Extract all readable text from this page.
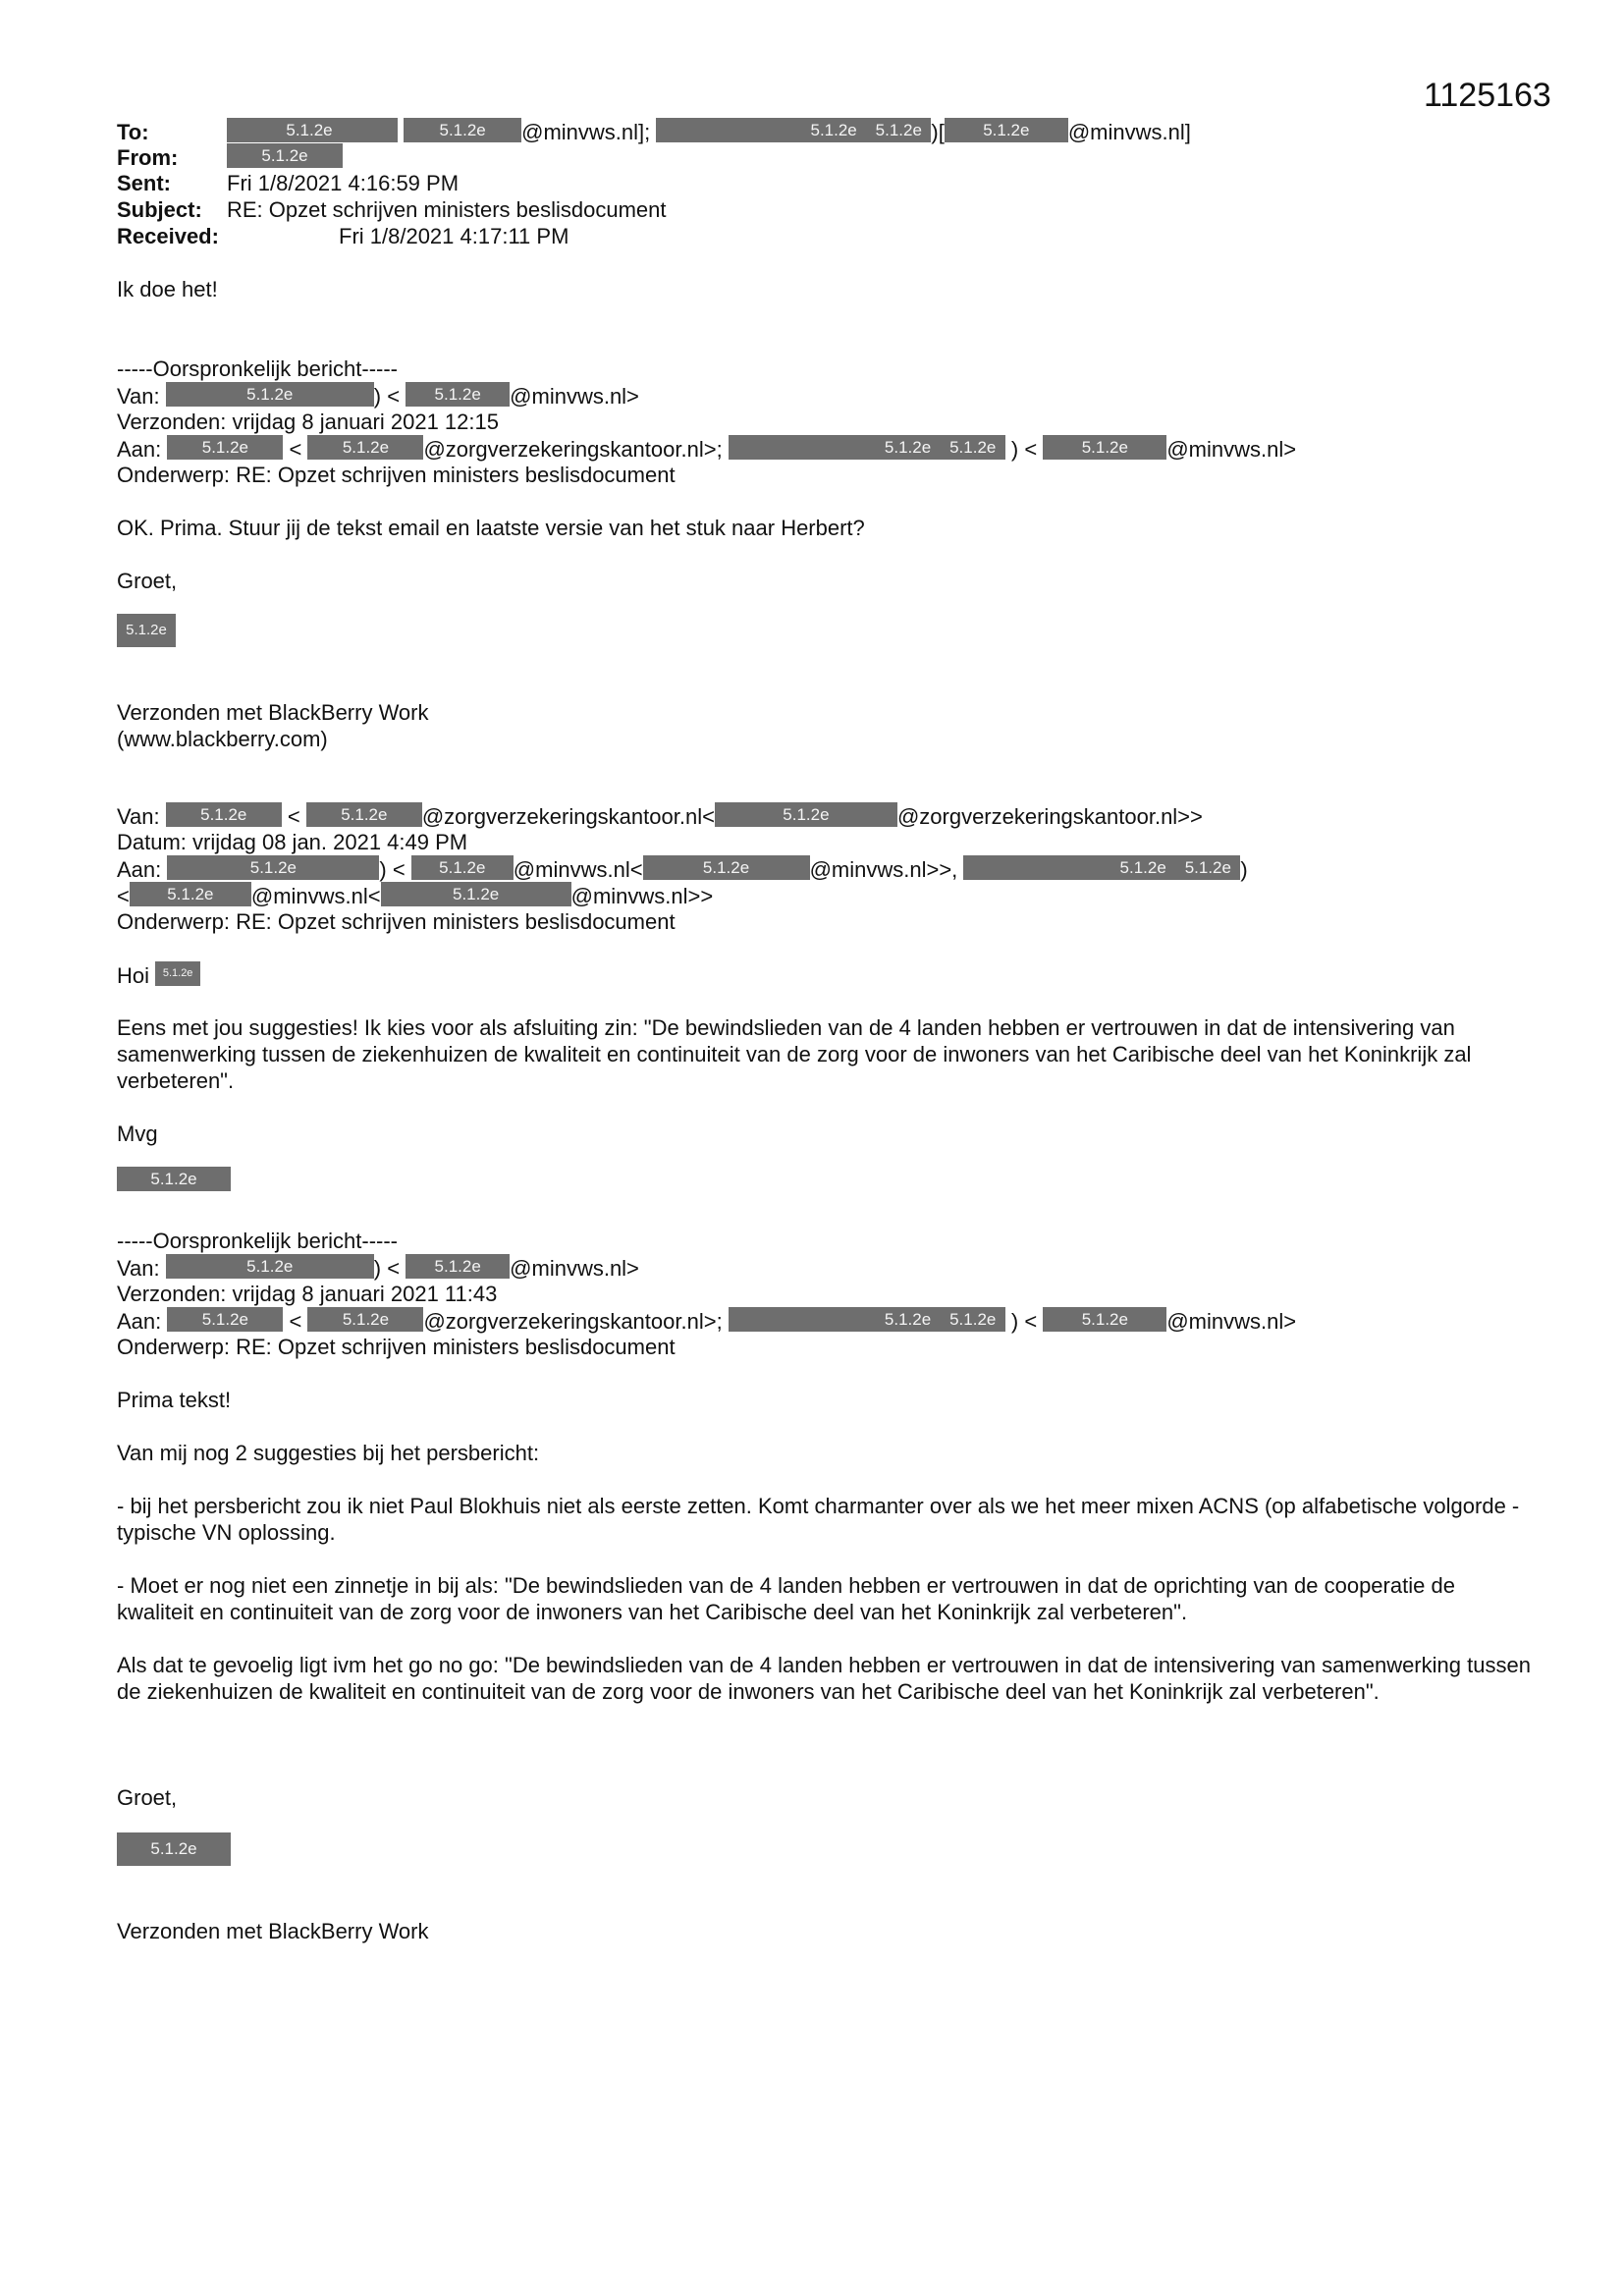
1125163
To:	5.1.2e	5.1.2e @minvws.nl];	5.1.2e 5.1.2e )[ 5.1.2e @minvws.nl]
From:	5.1.2e
Sent:	Fri 1/8/2021 4:16:59 PM
Subject: RE: Opzet schrijven ministers beslisdocument
Received:	Fri 1/8/2021 4:17:11 PM
Ik doe het!
-----Oorspronkelijk bericht-----
Van:	5.1.2e	) < 5.1.2e @minvws.nl>
Verzonden: vrijdag 8 januari 2021 12:15
Aan: 5.1.2e < 5.1.2e @zorgverzekeringskantoor.nl>;	5.1.2e 5.1.2e   ) < 5.1.2e @minvws.nl>
Onderwerp: RE: Opzet schrijven ministers beslisdocument
OK. Prima. Stuur jij de tekst email en laatste versie van het stuk naar Herbert?
Groet,
5.1.2e
Verzonden met BlackBerry Work
(www.blackberry.com)
Van: 5.1.2e < 5.1.2e @zorgverzekeringskantoor.nl<	5.1.2e	@zorgverzekeringskantoor.nl>>
Datum: vrijdag 08 jan. 2021 4:49 PM
Aan:	5.1.2e	) < 5.1.2e @minvws.nl<	5.1.2e	@minvws.nl>>,	5.1.2e 5.1.2e )
< 5.1.2e @minvws.nl<	5.1.2e	@minvws.nl>>
Onderwerp: RE: Opzet schrijven ministers beslisdocument
Hoi 5.1.2e

Eens met jou suggesties! Ik kies voor als afsluiting zin: "De bewindslieden van de 4 landen hebben er vertrouwen in dat de intensivering van samenwerking tussen de ziekenhuizen de kwaliteit en continuiteit van de zorg voor de inwoners van het Caribische deel van het Koninkrijk zal verbeteren".

Mvg
5.1.2e
-----Oorspronkelijk bericht-----
Van:	5.1.2e	) < 5.1.2e @minvws.nl>
Verzonden: vrijdag 8 januari 2021 11:43
Aan: 5.1.2e < 5.1.2e @zorgverzekeringskantoor.nl>;	5.1.2e 5.1.2e   ) < 5.1.2e @minvws.nl>
Onderwerp: RE: Opzet schrijven ministers beslisdocument
Prima tekst!
Van mij nog 2 suggesties bij het persbericht:

- bij het persbericht zou ik niet Paul Blokhuis niet als eerste zetten. Komt charmanter over als we het meer mixen ACNS (op alfabetische volgorde - typische VN oplossing.

- Moet er nog niet een zinnetje in bij als: "De bewindslieden van de 4 landen hebben er vertrouwen in dat de oprichting van de cooperatie de kwaliteit en continuiteit van de zorg voor de inwoners van het Caribische deel van het Koninkrijk zal verbeteren".

Als dat te gevoelig ligt ivm het go no go: "De bewindslieden van de 4 landen hebben er vertrouwen in dat de intensivering van samenwerking tussen de ziekenhuizen de kwaliteit en continuiteit van de zorg voor de inwoners van het Caribische deel van het Koninkrijk zal verbeteren".

Groet,
5.1.2e
Verzonden met BlackBerry Work
